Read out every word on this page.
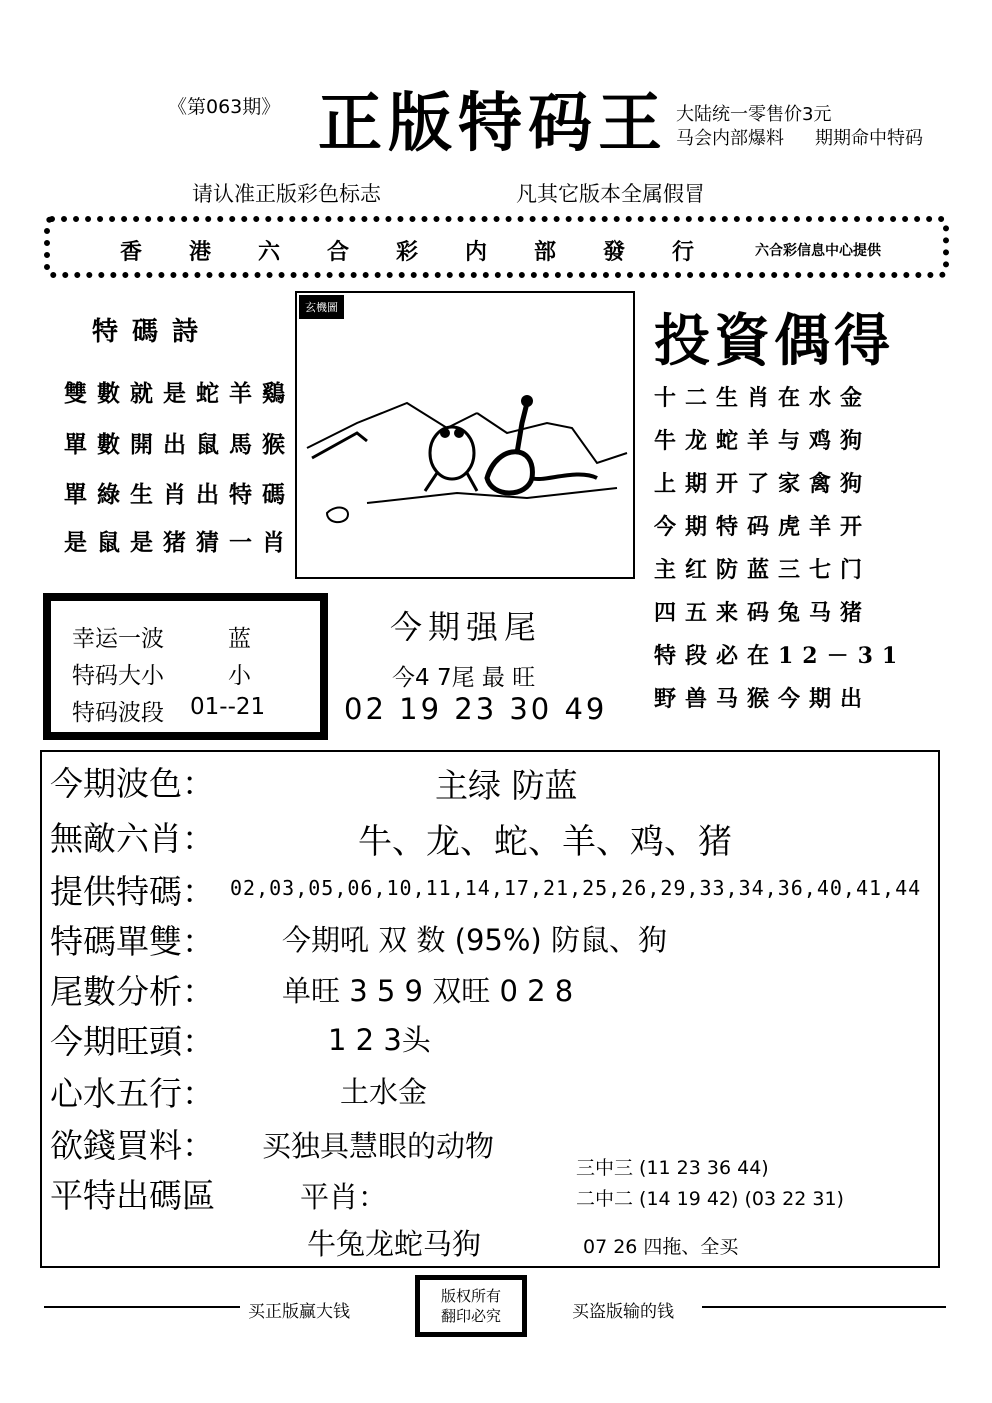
《第063期》 正版特码王 大陆统一零售价3元
马会内部爆料 期期命中特码
请认准正版彩色标志	凡其它版本全属假冒
香港六合彩内部發行 六合彩信息中心提供
特碼詩
雙數就是蛇羊鷄
單數開出鼠馬猴
單綠生肖出特碼
是鼠是猪猜一肖
玄機圖
投資偶得
十二生肖在水金
牛龙蛇羊与鸡狗
上期开了家禽狗
今期特码虎羊开
主红防蓝三七门
四五来码兔马猪
特段必在12－31
野兽马猴今期出
幸运一波	蓝
特码大小	小
特码波段 01--21
今期强尾
今4 7尾 最 旺
02 19 23 30 49
今期波色：	主绿 防蓝
無敵六肖：	牛、龙、蛇、羊、鸡、猪
提供特碼： 02,03,05,06,10,11,14,17,21,25,26,29,33,34,36,40,41,44
特碼單雙： 今期吼 双 数 (95%) 防鼠、狗
尾數分析： 单旺 3 5 9 双旺 0 2 8
今期旺頭：	1 2 3头
心水五行：	土水金
欲錢買料： 买独具慧眼的动物
平特出碼區	平肖：
牛兔龙蛇马狗
三中三 (11 23 36 44)
二中二 (14 19 42) (03 22 31)
07 26 四拖、全买
买正版赢大钱
版权所有
翻印必究	买盗版输的钱
